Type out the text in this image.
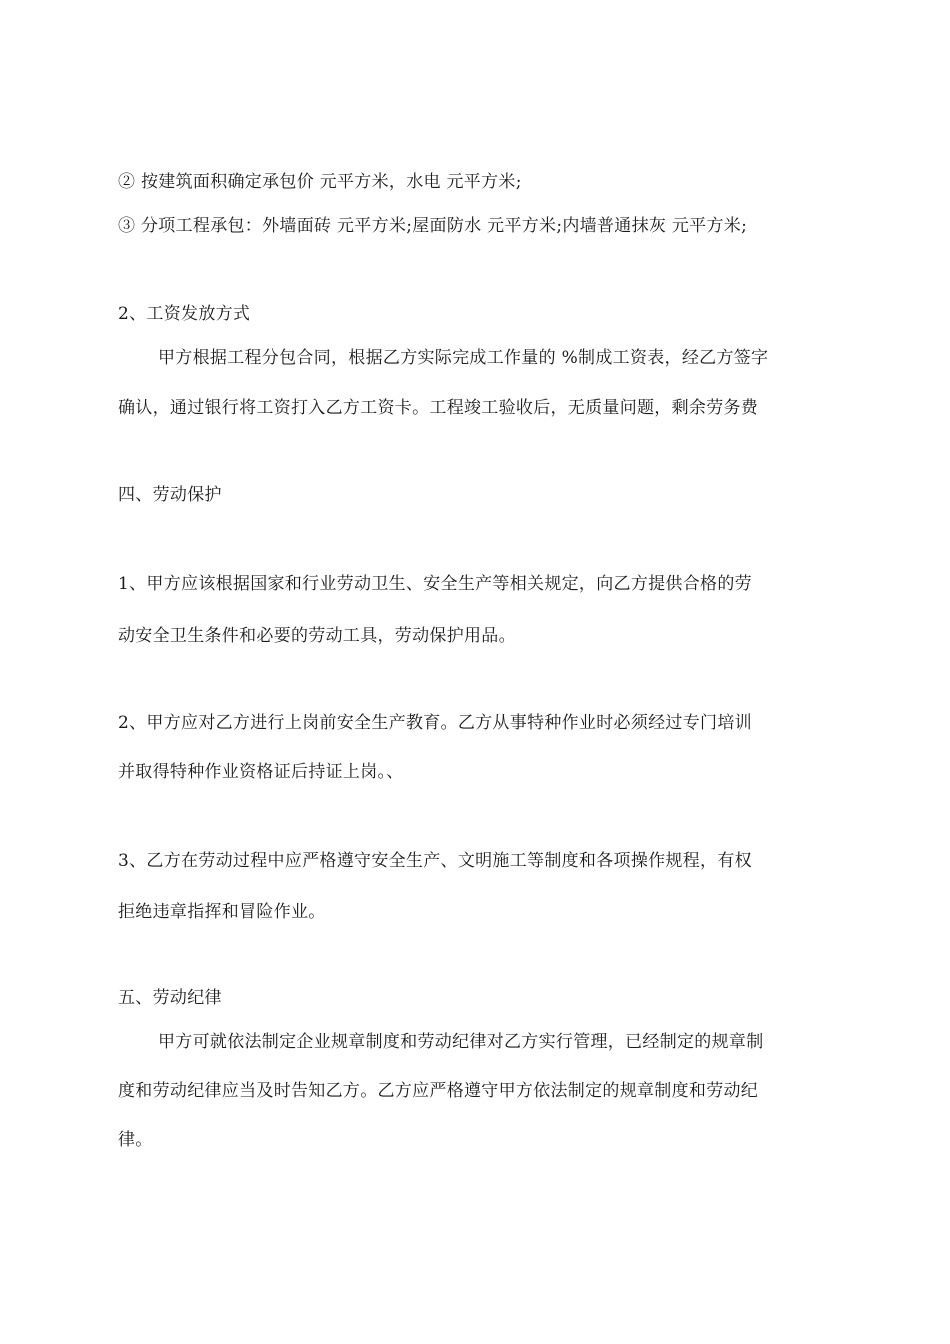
② 按建筑面积确定承包价 元平方米，水电 元平方米;
③ 分项工程承包：外墙面砖 元平方米;屋面防水 元平方米;内墙普通抹灰 元平方米;
2、工资发放方式
甲方根据工程分包合同，根据乙方实际完成工作量的 %制成工资表，经乙方签字
确认，通过银行将工资打入乙方工资卡。工程竣工验收后，无质量问题，剩余劳务费
四、劳动保护
1、甲方应该根据国家和行业劳动卫生、安全生产等相关规定，向乙方提供合格的劳
动安全卫生条件和必要的劳动工具，劳动保护用品。
2、甲方应对乙方进行上岗前安全生产教育。乙方从事特种作业时必须经过专门培训
并取得特种作业资格证后持证上岗。、
3、乙方在劳动过程中应严格遵守安全生产、文明施工等制度和各项操作规程，有权
拒绝违章指挥和冒险作业。
五、劳动纪律
甲方可就依法制定企业规章制度和劳动纪律对乙方实行管理，已经制定的规章制
度和劳动纪律应当及时告知乙方。乙方应严格遵守甲方依法制定的规章制度和劳动纪
律。
